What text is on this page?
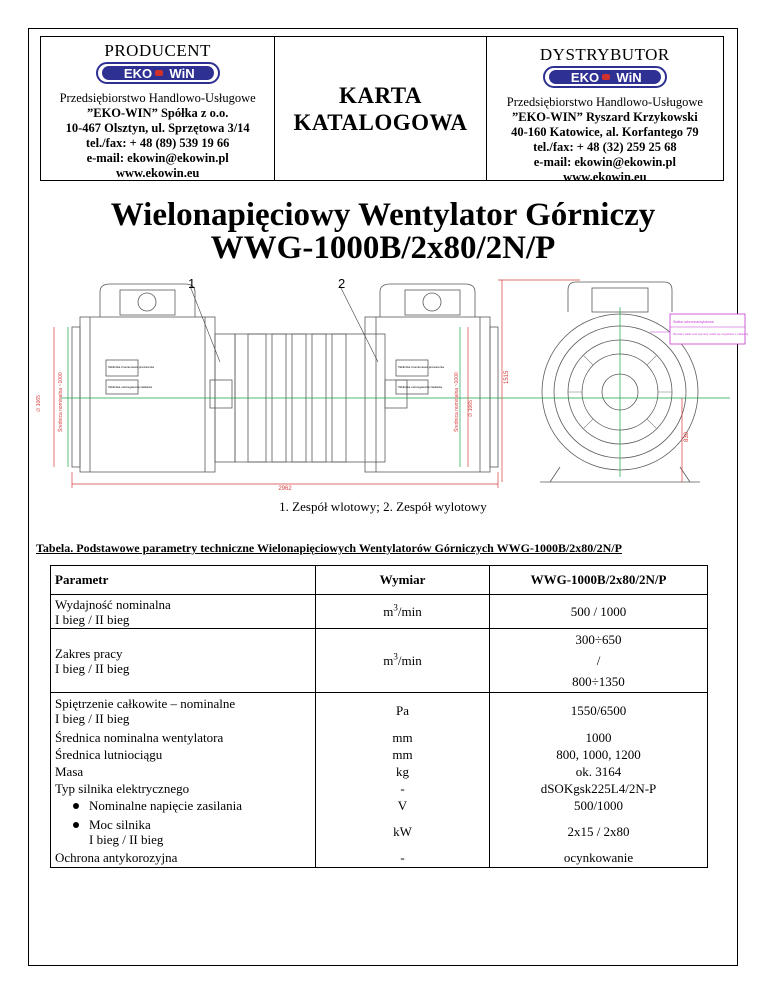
PRODUCENT
EKO WiN
Przedsiębiorstwo Handlowo-Usługowe
”EKO-WIN” Spółka z o.o.
10-467 Olsztyn, ul. Sprzętowa 3/14
tel./fax: + 48 (89) 539 19 66
e-mail: ekowin@ekowin.pl
www.ekowin.eu
KARTA
KATALOGOWA
DYSTRYBUTOR
EKO WiN
Przedsiębiorstwo Handlowo-Usługowe
”EKO-WIN” Ryszard Krzykowski
40-160 Katowice, al. Korfantego 79
tel./fax: + 48 (32) 259 25 68
e-mail: ekowin@ekowin.pl
www.ekowin.eu
Wielonapięciowy Wentylator Górniczy
WWG-1000B/2x80/2N/P
1	2
2962
1515
830
∅ 1065	Średnica nominalna ~1000	Średnica nominalna ~1000 ∅ 1065
Tabliczka znamionowa producenta
Tabliczka ostrzegawcza zasilania
Tabliczka znamionowa producenta
Tabliczka ostrzegawcza zasilania
Siatka ochronna/wylotowa
Wymiary siatki oraz wymiary ucieki się uzgodnień z odbiorcą
1. Zespół wlotowy; 2. Zespół wylotowy
Tabela. Podstawowe parametry techniczne Wielonapięciowych Wentylatorów Górniczych WWG-1000B/2x80/2N/P
Parametr	Wymiar	WWG-1000B/2x80/2N/P
Wydajność nominalna
I bieg / II bieg	$m^3/\min$	500 / 1000
Zakres pracy
I bieg / II bieg	$m^3/\min$	300÷650
/
800÷1350
Spiętrzenie całkowite – nominalne
I bieg / II bieg	Pa	1550/6500
Średnica nominalna wentylatora	mm	1000
Średnica lutniociągu	mm	800, 1000, 1200
Masa	kg	ok. 3164
Typ silnika elektrycznego	-	dSOKgsk225L4/2N-P
Nominalne napięcie zasilania	V	500/1000
Moc silnika
I bieg / II bieg	kW	2x15 / 2x80
Ochrona antykorozyjna	-	ocynkowanie
